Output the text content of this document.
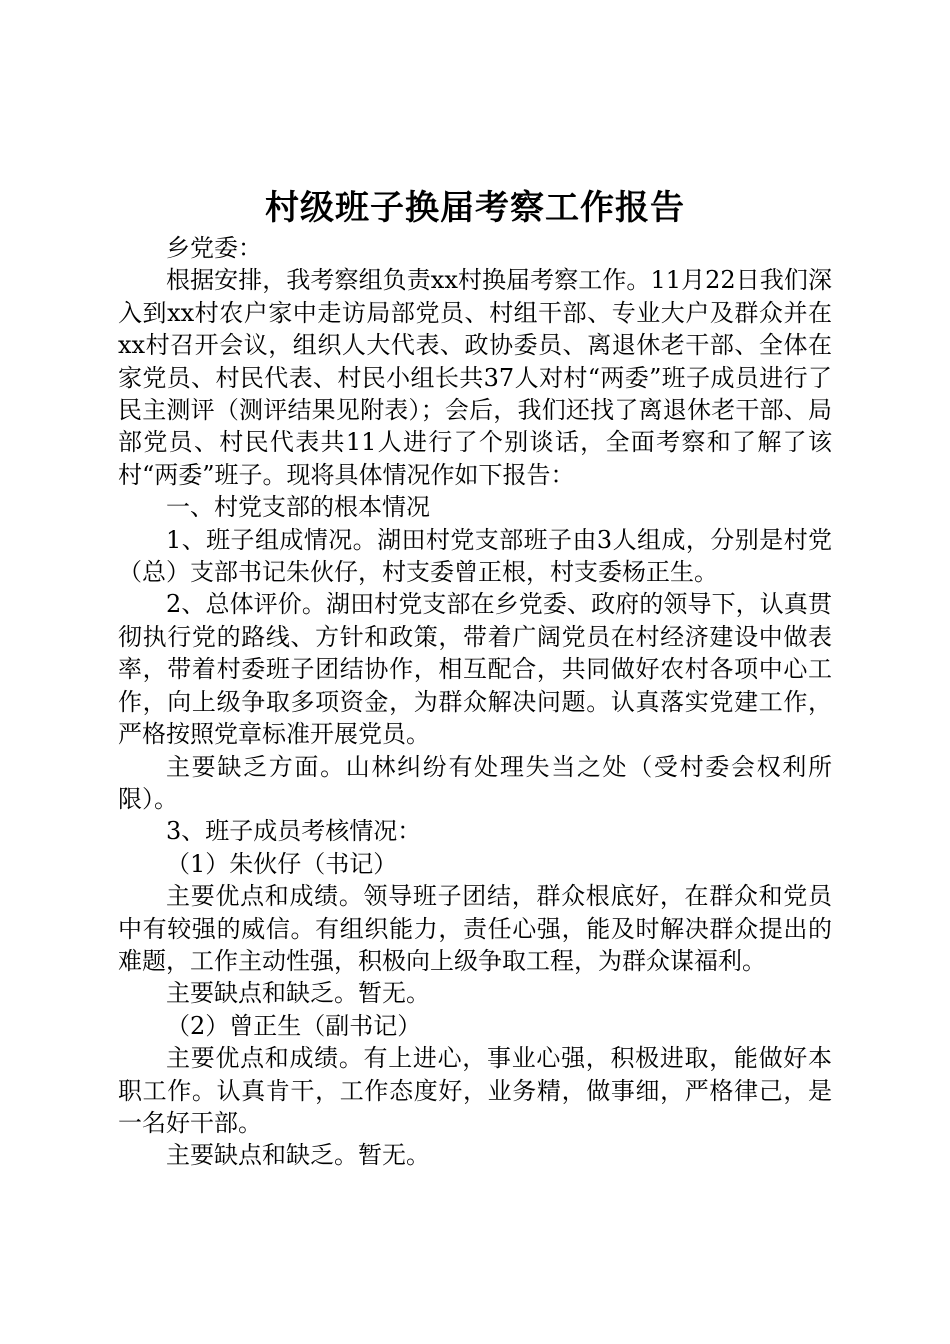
村级班子换届考察工作报告

乡党委：

根据安排，我考察组负责xx村换届考察工作。11月22日我们深入到xx村农户家中走访局部党员、村组干部、专业大户及群众并在xx村召开会议，组织人大代表、政协委员、离退休老干部、全体在家党员、村民代表、村民小组长共37人对村“两委”班子成员进行了民主测评（测评结果见附表）；会后，我们还找了离退休老干部、局部党员、村民代表共11人进行了个别谈话，全面考察和了解了该村“两委”班子。现将具体情况作如下报告：

一、村党支部的根本情况

1、班子组成情况。湖田村党支部班子由3人组成，分别是村党（总）支部书记朱伙仔，村支委曾正根，村支委杨正生。

2、总体评价。湖田村党支部在乡党委、政府的领导下，认真贯彻执行党的路线、方针和政策，带着广阔党员在村经济建设中做表率，带着村委班子团结协作，相互配合，共同做好农村各项中心工作，向上级争取多项资金，为群众解决问题。认真落实党建工作，严格按照党章标准开展党员。

主要缺乏方面。山林纠纷有处理失当之处（受村委会权利所限）。

3、班子成员考核情况：

（1）朱伙仔（书记）

主要优点和成绩。领导班子团结，群众根底好，在群众和党员中有较强的威信。有组织能力，责任心强，能及时解决群众提出的难题，工作主动性强，积极向上级争取工程，为群众谋福利。

主要缺点和缺乏。暂无。

（2）曾正生（副书记）

主要优点和成绩。有上进心，事业心强，积极进取，能做好本职工作。认真肯干，工作态度好，业务精，做事细，严格律己，是一名好干部。

主要缺点和缺乏。暂无。
